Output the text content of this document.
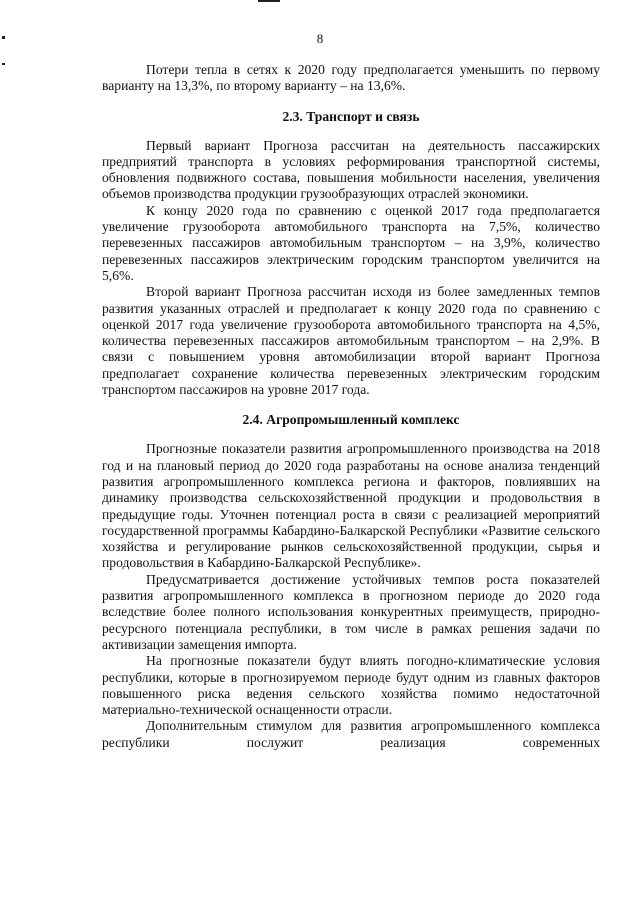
8

Потери тепла в сетях к 2020 году предполагается уменьшить по первому варианту на 13,3%, по второму варианту – на 13,6%.

2.3. Транспорт и связь

Первый вариант Прогноза рассчитан на деятельность пассажирских предприятий транспорта в условиях реформирования транспортной системы, обновления подвижного состава, повышения мобильности населения, увеличения объемов производства продукции грузообразующих отраслей экономики.

К концу 2020 года по сравнению с оценкой 2017 года предполагается увеличение грузооборота автомобильного транспорта на 7,5%, количество перевезенных пассажиров автомобильным транспортом – на 3,9%, количество перевезенных пассажиров электрическим городским транспортом увеличится на 5,6%.

Второй вариант Прогноза рассчитан исходя из более замедленных темпов развития указанных отраслей и предполагает к концу 2020 года по сравнению с оценкой 2017 года увеличение грузооборота автомобильного транспорта на 4,5%, количества перевезенных пассажиров автомобильным транспортом – на 2,9%. В связи с повышением уровня автомобилизации второй вариант Прогноза предполагает сохранение количества перевезенных электрическим городским транспортом пассажиров на уровне 2017 года.

2.4. Агропромышленный комплекс

Прогнозные показатели развития агропромышленного производства на 2018 год и на плановый период до 2020 года разработаны на основе анализа тенденций развития агропромышленного комплекса региона и факторов, повлиявших на динамику производства сельскохозяйственной продукции и продовольствия в предыдущие годы. Уточнен потенциал роста в связи с реализацией мероприятий государственной программы Кабардино-Балкарской Республики «Развитие сельского хозяйства и регулирование рынков сельскохозяйственной продукции, сырья и продовольствия в Кабардино-Балкарской Республике».

Предусматривается достижение устойчивых темпов роста показателей развития агропромышленного комплекса в прогнозном периоде до 2020 года вследствие более полного использования конкурентных преимуществ, природно-ресурсного потенциала республики, в том числе в рамках решения задачи по активизации замещения импорта.

На прогнозные показатели будут влиять погодно-климатические условия республики, которые в прогнозируемом периоде будут одним из главных факторов повышенного риска ведения сельского хозяйства помимо недостаточной материально-технической оснащенности отрасли.

Дополнительным стимулом для развития агропромышленного комплекса республики послужит реализация современных
